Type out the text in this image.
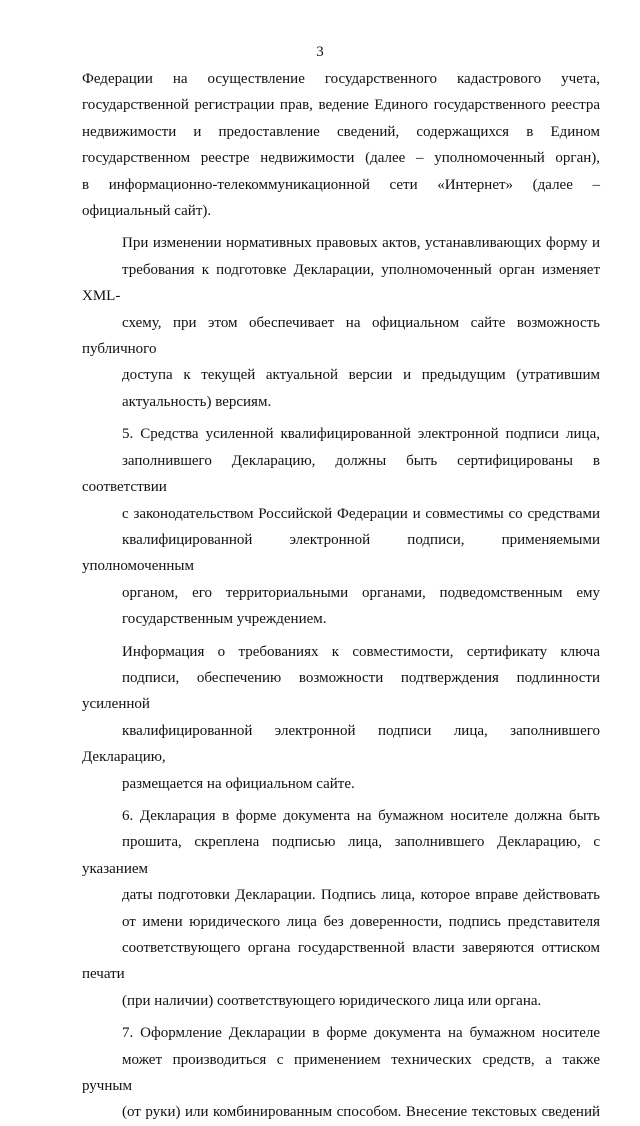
3

Федерации на осуществление государственного кадастрового учета,
государственной регистрации прав, ведение Единого государственного реестра
недвижимости и предоставление сведений, содержащихся в Едином
государственном реестре недвижимости (далее – уполномоченный орган),
в информационно-телекоммуникационной сети «Интернет» (далее –
официальный сайт).

При изменении нормативных правовых актов, устанавливающих форму и
требования к подготовке Декларации, уполномоченный орган изменяет XML-
схему, при этом обеспечивает на официальном сайте возможность публичного
доступа к текущей актуальной версии и предыдущим (утратившим
актуальность) версиям.

5. Средства усиленной квалифицированной электронной подписи лица,
заполнившего Декларацию, должны быть сертифицированы в соответствии
с законодательством Российской Федерации и совместимы со средствами
квалифицированной электронной подписи, применяемыми уполномоченным
органом, его территориальными органами, подведомственным ему
государственным учреждением.

Информация о требованиях к совместимости, сертификату ключа
подписи, обеспечению возможности подтверждения подлинности усиленной
квалифицированной электронной подписи лица, заполнившего Декларацию,
размещается на официальном сайте.

6. Декларация в форме документа на бумажном носителе должна быть
прошита, скреплена подписью лица, заполнившего Декларацию, с указанием
даты подготовки Декларации. Подпись лица, которое вправе действовать
от имени юридического лица без доверенности, подпись представителя
соответствующего органа государственной власти заверяются оттиском печати
(при наличии) соответствующего юридического лица или органа.

7. Оформление Декларации в форме документа на бумажном носителе
может производиться с применением технических средств, а также ручным
(от руки) или комбинированным способом. Внесение текстовых сведений
